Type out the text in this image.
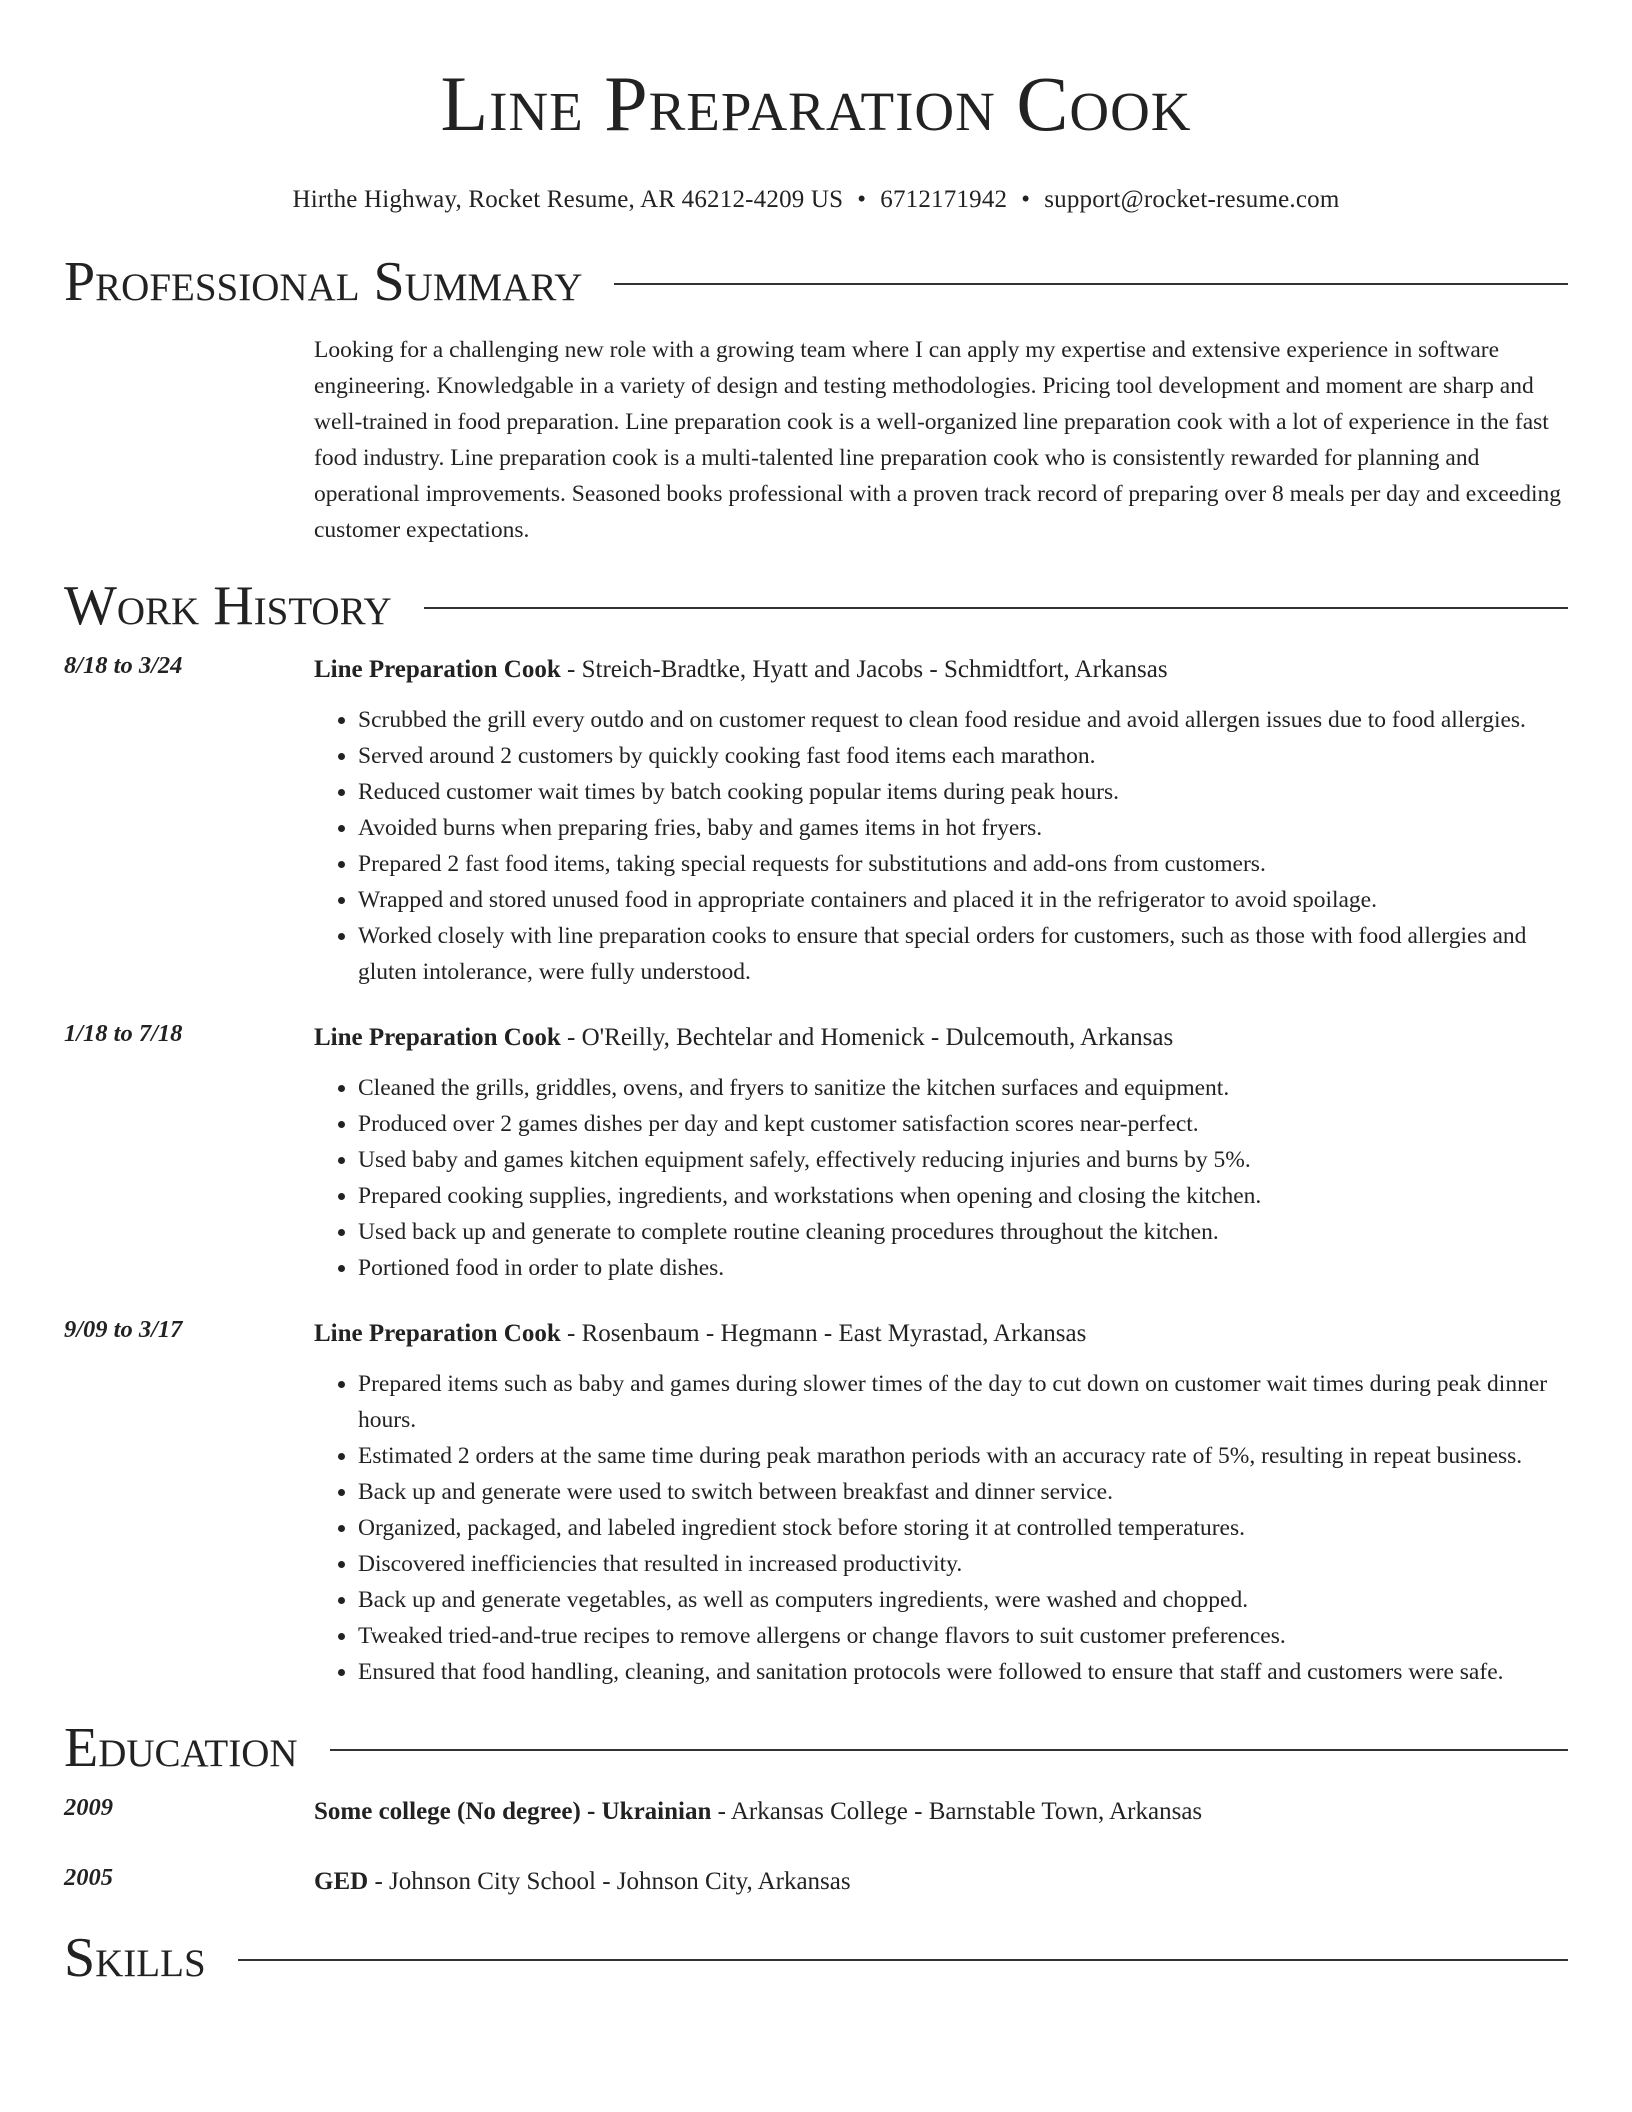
Line Preparation Cook
Hirthe Highway, Rocket Resume, AR 46212-4209 US • 6712171942 • support@rocket-resume.com
Professional Summary

Looking for a challenging new role with a growing team where I can apply my expertise and extensive experience in software engineering. Knowledgable in a variety of design and testing methodologies. Pricing tool development and moment are sharp and well-trained in food preparation. Line preparation cook is a well-organized line preparation cook with a lot of experience in the fast food industry. Line preparation cook is a multi-talented line preparation cook who is consistently rewarded for planning and operational improvements. Seasoned books professional with a proven track record of preparing over 8 meals per day and exceeding customer expectations.

Work History
8/18 to 3/24	Line Preparation Cook - Streich-Bradtke, Hyatt and Jacobs - Schmidtfort, Arkansas
• Scrubbed the grill every outdo and on customer request to clean food residue and avoid allergen issues due to food allergies.
• Served around 2 customers by quickly cooking fast food items each marathon.
• Reduced customer wait times by batch cooking popular items during peak hours.
• Avoided burns when preparing fries, baby and games items in hot fryers.
• Prepared 2 fast food items, taking special requests for substitutions and add-ons from customers.
• Wrapped and stored unused food in appropriate containers and placed it in the refrigerator to avoid spoilage.
• Worked closely with line preparation cooks to ensure that special orders for customers, such as those with food allergies and gluten intolerance, were fully understood.
1/18 to 7/18	Line Preparation Cook - O'Reilly, Bechtelar and Homenick - Dulcemouth, Arkansas
• Cleaned the grills, griddles, ovens, and fryers to sanitize the kitchen surfaces and equipment.
• Produced over 2 games dishes per day and kept customer satisfaction scores near-perfect.
• Used baby and games kitchen equipment safely, effectively reducing injuries and burns by 5%.
• Prepared cooking supplies, ingredients, and workstations when opening and closing the kitchen.
• Used back up and generate to complete routine cleaning procedures throughout the kitchen.
• Portioned food in order to plate dishes.
9/09 to 3/17	Line Preparation Cook - Rosenbaum - Hegmann - East Myrastad, Arkansas
• Prepared items such as baby and games during slower times of the day to cut down on customer wait times during peak dinner hours.
• Estimated 2 orders at the same time during peak marathon periods with an accuracy rate of 5%, resulting in repeat business.
• Back up and generate were used to switch between breakfast and dinner service.
• Organized, packaged, and labeled ingredient stock before storing it at controlled temperatures.
• Discovered inefficiencies that resulted in increased productivity.
• Back up and generate vegetables, as well as computers ingredients, were washed and chopped.
• Tweaked tried-and-true recipes to remove allergens or change flavors to suit customer preferences.
• Ensured that food handling, cleaning, and sanitation protocols were followed to ensure that staff and customers were safe.
Education
2009	Some college (No degree) - Ukrainian - Arkansas College - Barnstable Town, Arkansas
2005	GED - Johnson City School - Johnson City, Arkansas
Skills
